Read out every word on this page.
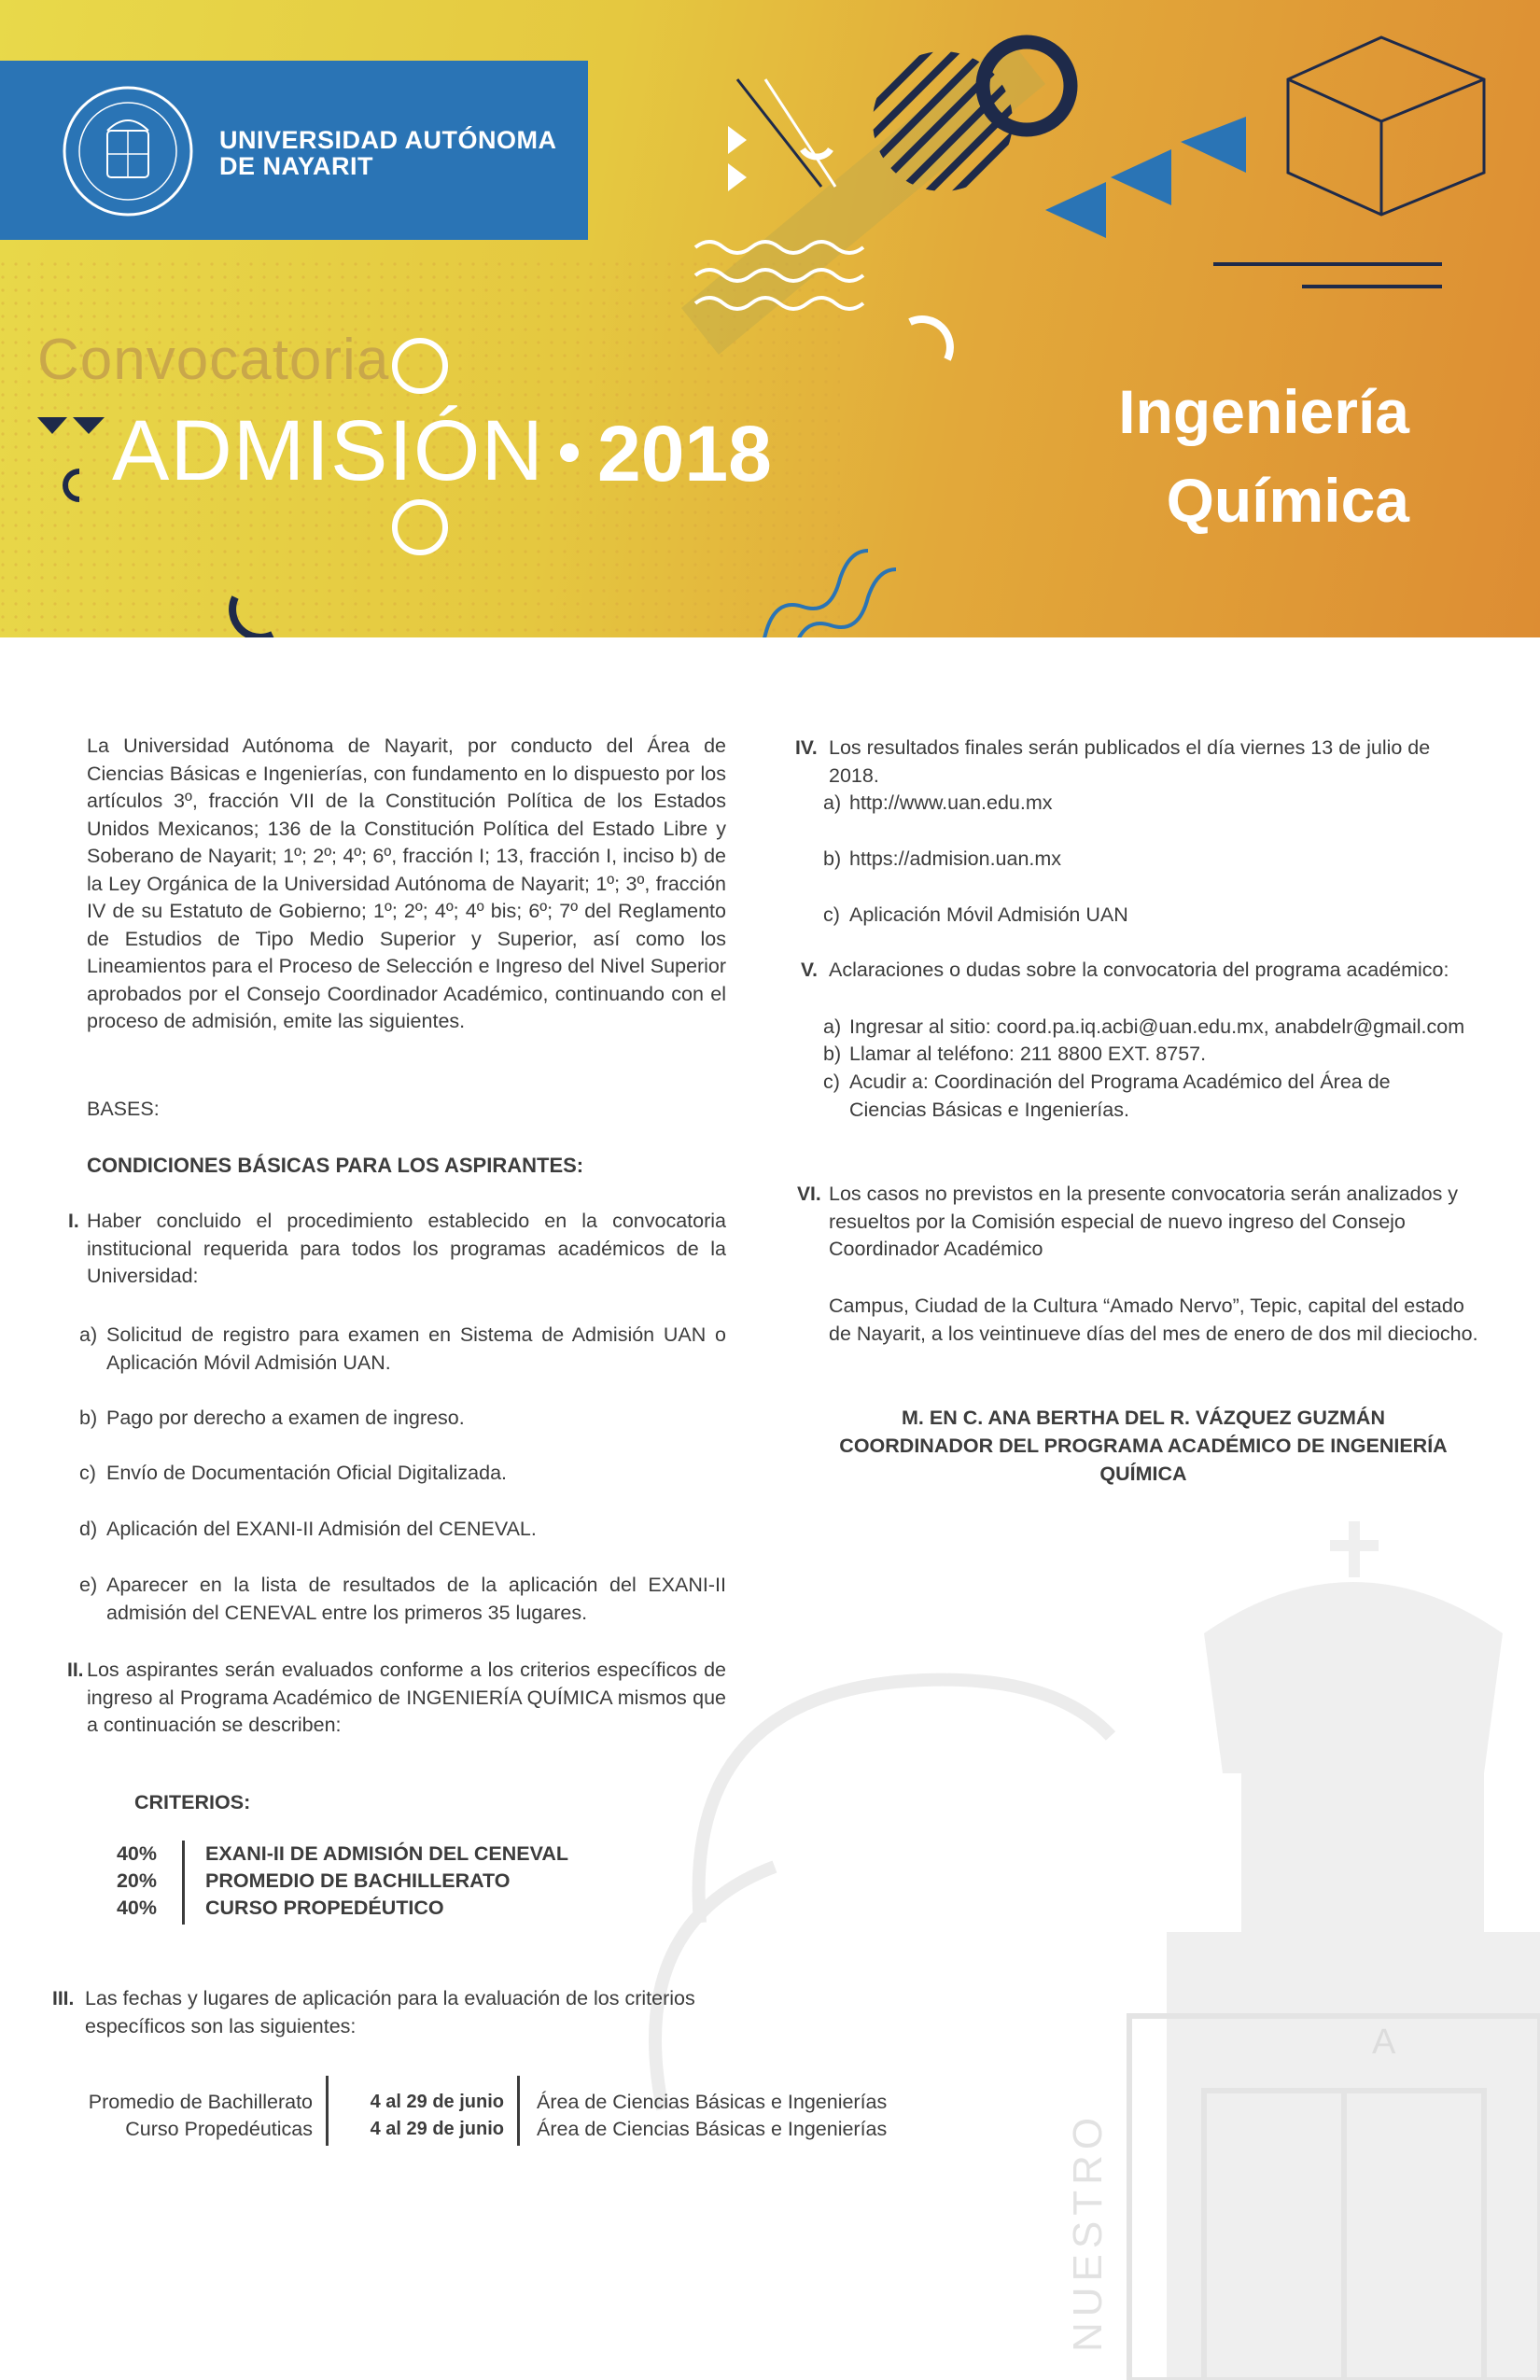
UNIVERSIDAD AUTÓNOMA
DE NAYARIT
Convocatoria
ADMISIÓN 2018	Ingeniería
Química
A
NUESTRO
La Universidad Autónoma de Nayarit, por conducto del Área de Ciencias Básicas e Ingenierías, con fundamento en lo dispuesto por los artículos 3º, fracción VII de la Constitución Política de los Estados Unidos Mexicanos; 136 de la Constitución Política del Estado Libre y Soberano de Nayarit; 1º; 2º; 4º; 6º, fracción I; 13, fracción I, inciso b) de la Ley Orgánica de la Universidad Autónoma de Nayarit; 1º; 3º, fracción IV de su Estatuto de Gobierno; 1º; 2º; 4º; 4º bis; 6º; 7º del Reglamento de Estudios de Tipo Medio Superior y Superior, así como los Lineamientos para el Proceso de Selección e Ingreso del Nivel Superior aprobados por el Consejo Coordinador Académico, continuando con el proceso de admisión, emite las siguientes.
BASES:
CONDICIONES BÁSICAS PARA LOS ASPIRANTES:
I. Haber concluido el procedimiento establecido en la convocatoria institucional requerida para todos los programas académicos de la Universidad:
a) Solicitud de registro para examen en Sistema de Admisión UAN o Aplicación Móvil Admisión UAN.
b) Pago por derecho a examen de ingreso.
c) Envío de Documentación Oficial Digitalizada.
d) Aplicación del EXANI-II Admisión del CENEVAL.
e) Aparecer en la lista de resultados de la aplicación del EXANI-II admisión del CENEVAL entre los primeros 35 lugares.
II. Los aspirantes serán evaluados conforme a los criterios específicos de ingreso al Programa Académico de INGENIERÍA QUÍMICA mismos que a continuación se describen:
CRITERIOS:
40% EXANI-II DE ADMISIÓN DEL CENEVAL
20% PROMEDIO DE BACHILLERATO
40% CURSO PROPEDÉUTICO
III. Las fechas y lugares de aplicación para la evaluación de los criterios específicos son las siguientes:
Promedio de Bachillerato	4 al 29 de junio Área de Ciencias Básicas e Ingenierías
Curso Propedéuticas	4 al 29 de junio Área de Ciencias Básicas e Ingenierías
IV. Los resultados finales serán publicados el día viernes 13 de julio de 2018.
a) http://www.uan.edu.mx
b) https://admision.uan.mx
c) Aplicación Móvil Admisión UAN
V. Aclaraciones o dudas sobre la convocatoria del programa académico:
a) Ingresar al sitio: coord.pa.iq.acbi@uan.edu.mx, anabdelr@gmail.com
b) Llamar al teléfono: 211 8800 EXT. 8757.
c) Acudir a: Coordinación del Programa Académico del Área de Ciencias Básicas e Ingenierías.
VI. Los casos no previstos en la presente convocatoria serán analizados y resueltos por la Comisión especial de nuevo ingreso del Consejo Coordinador Académico
Campus, Ciudad de la Cultura “Amado Nervo”, Tepic, capital del estado de Nayarit, a los veintinueve días del mes de enero de dos mil dieciocho.
M. EN C. ANA BERTHA DEL R. VÁZQUEZ GUZMÁN
COORDINADOR DEL PROGRAMA ACADÉMICO DE INGENIERÍA QUÍMICA
